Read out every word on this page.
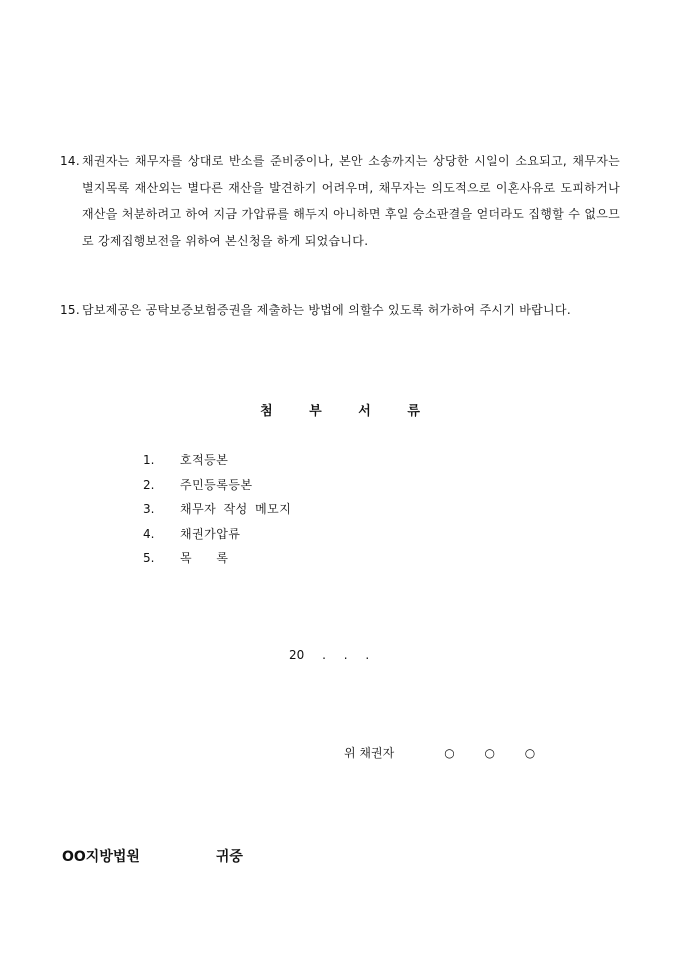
14. 채권자는 채무자를 상대로 반소를 준비중이나, 본안 소송까지는 상당한 시일이 소요되고, 채무자는 별지목록 재산외는 별다른 재산을 발견하기 어려우며, 채무자는 의도적으로 이혼사유로 도피하거나 재산을 처분하려고 하여 지금 가압류를 해두지 아니하면 후일 승소판결을 얻더라도 집행할 수 없으므로 강제집행보전을 위하여 본신청을 하게 되었습니다.
15. 담보제공은 공탁보증보험증권을 제출하는 방법에 의할수 있도록 허가하여 주시기 바랍니다.
첨 부 서 류
1. 호적등본
2. 주민등록등본
3. 채무자 작성 메모지
4. 채권가압류
5. 목 록
20 . . .
위 채권자	○ ○ ○
OO지방법원	귀중
